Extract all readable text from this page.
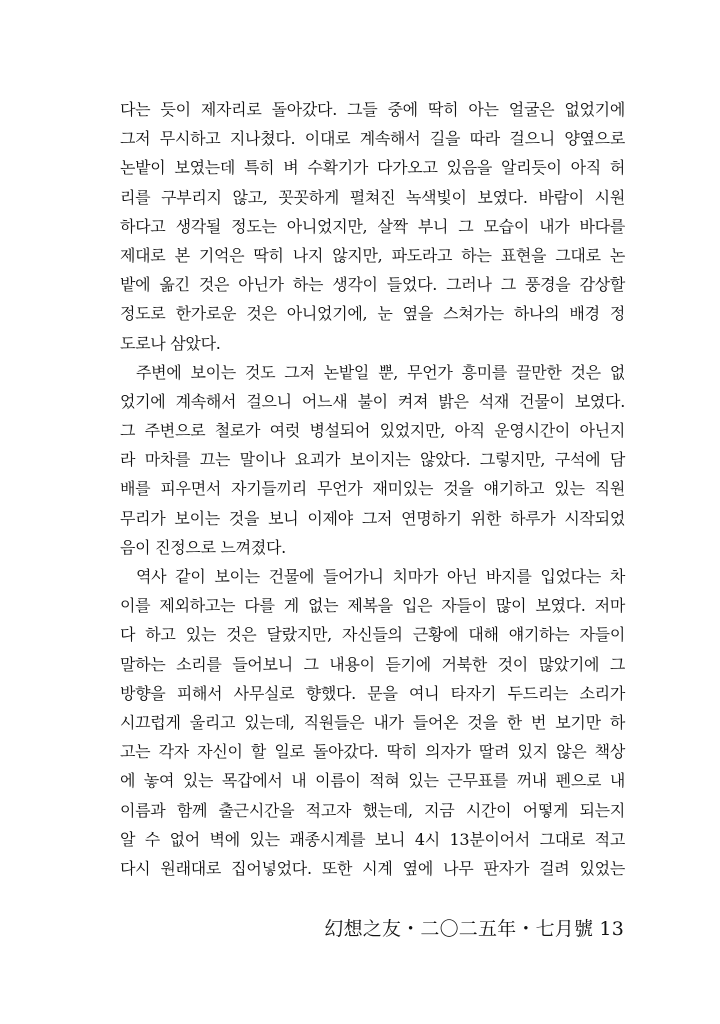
다는 듯이 제자리로 돌아갔다. 그들 중에 딱히 아는 얼굴은 없었기에
그저 무시하고 지나쳤다. 이대로 계속해서 길을 따라 걸으니 양옆으로
논밭이 보였는데 특히 벼 수확기가 다가오고 있음을 알리듯이 아직 허
리를 구부리지 않고, 꼿꼿하게 펼쳐진 녹색빛이 보였다. 바람이 시원
하다고 생각될 정도는 아니었지만, 살짝 부니 그 모습이 내가 바다를
제대로 본 기억은 딱히 나지 않지만, 파도라고 하는 표현을 그대로 논
밭에 옮긴 것은 아닌가 하는 생각이 들었다. 그러나 그 풍경을 감상할
정도로 한가로운 것은 아니었기에, 눈 옆을 스쳐가는 하나의 배경 정
도로나 삼았다.
주변에 보이는 것도 그저 논밭일 뿐, 무언가 흥미를 끌만한 것은 없
었기에 계속해서 걸으니 어느새 불이 켜져 밝은 석재 건물이 보였다.
그 주변으로 철로가 여럿 병설되어 있었지만, 아직 운영시간이 아닌지
라 마차를 끄는 말이나 요괴가 보이지는 않았다. 그렇지만, 구석에 담
배를 피우면서 자기들끼리 무언가 재미있는 것을 얘기하고 있는 직원
무리가 보이는 것을 보니 이제야 그저 연명하기 위한 하루가 시작되었
음이 진정으로 느껴졌다.
역사 같이 보이는 건물에 들어가니 치마가 아닌 바지를 입었다는 차
이를 제외하고는 다를 게 없는 제복을 입은 자들이 많이 보였다. 저마
다 하고 있는 것은 달랐지만, 자신들의 근황에 대해 얘기하는 자들이
말하는 소리를 들어보니 그 내용이 듣기에 거북한 것이 많았기에 그
방향을 피해서 사무실로 향했다. 문을 여니 타자기 두드리는 소리가
시끄럽게 울리고 있는데, 직원들은 내가 들어온 것을 한 번 보기만 하
고는 각자 자신이 할 일로 돌아갔다. 딱히 의자가 딸려 있지 않은 책상
에 놓여 있는 목갑에서 내 이름이 적혀 있는 근무표를 꺼내 펜으로 내
이름과 함께 출근시간을 적고자 했는데, 지금 시간이 어떻게 되는지
알 수 없어 벽에 있는 괘종시계를 보니 4시 13분이어서 그대로 적고
다시 원래대로 집어넣었다. 또한 시계 옆에 나무 판자가 걸려 있었는
幻想之友・二〇二五年・七月號 13
